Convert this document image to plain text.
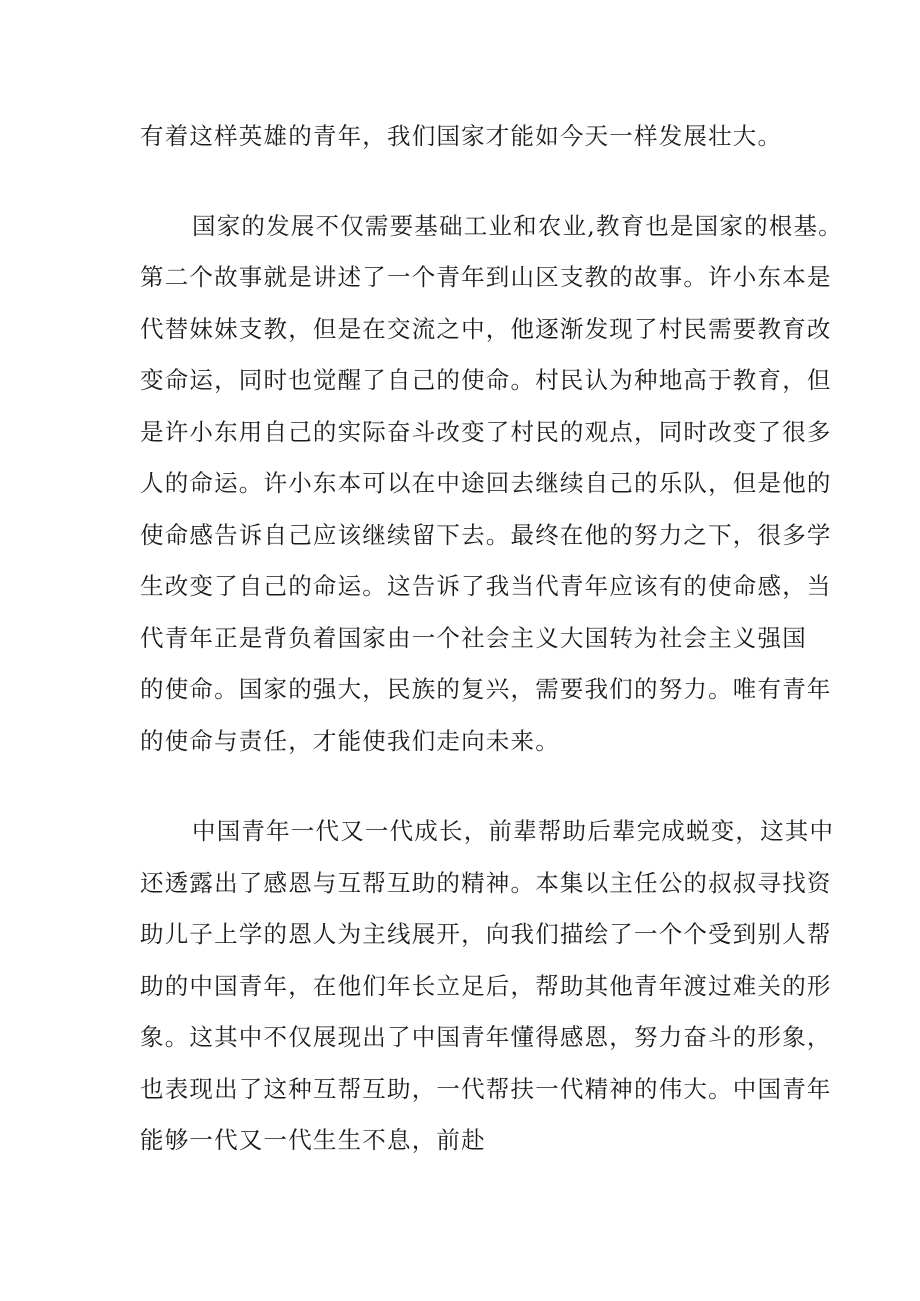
有着这样英雄的青年，我们国家才能如今天一样发展壮大。
国家的发展不仅需要基础工业和农业,教育也是国家的根基。
第二个故事就是讲述了一个青年到山区支教的故事。许小东本是
代替妹妹支教，但是在交流之中，他逐渐发现了村民需要教育改
变命运，同时也觉醒了自己的使命。村民认为种地高于教育，但
是许小东用自己的实际奋斗改变了村民的观点，同时改变了很多
人的命运。许小东本可以在中途回去继续自己的乐队，但是他的
使命感告诉自己应该继续留下去。最终在他的努力之下，很多学
生改变了自己的命运。这告诉了我当代青年应该有的使命感，当
代青年正是背负着国家由一个社会主义大国转为社会主义强国
的使命。国家的强大，民族的复兴，需要我们的努力。唯有青年
的使命与责任，才能使我们走向未来。
中国青年一代又一代成长，前辈帮助后辈完成蜕变，这其中
还透露出了感恩与互帮互助的精神。本集以主任公的叔叔寻找资
助儿子上学的恩人为主线展开，向我们描绘了一个个受到别人帮
助的中国青年，在他们年长立足后，帮助其他青年渡过难关的形
象。这其中不仅展现出了中国青年懂得感恩，努力奋斗的形象，
也表现出了这种互帮互助，一代帮扶一代精神的伟大。中国青年
能够一代又一代生生不息，前赴
